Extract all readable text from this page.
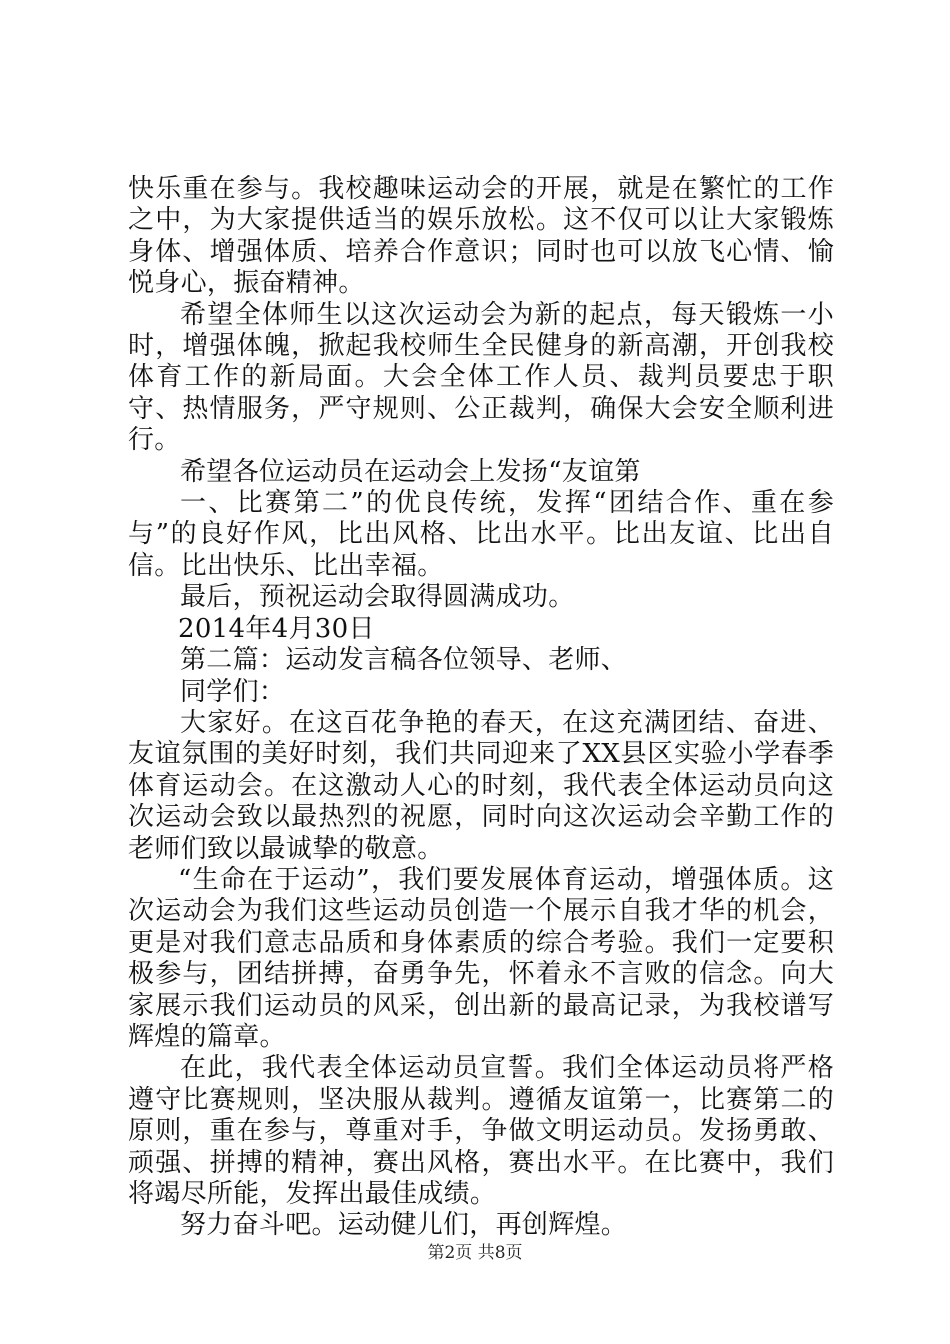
快乐重在参与。我校趣味运动会的开展，就是在繁忙的工作之中，为大家提供适当的娱乐放松。这不仅可以让大家锻炼身体、增强体质、培养合作意识；同时也可以放飞心情、愉悦身心，振奋精神。

希望全体师生以这次运动会为新的起点，每天锻炼一小时，增强体魄，掀起我校师生全民健身的新高潮，开创我校体育工作的新局面。大会全体工作人员、裁判员要忠于职守、热情服务，严守规则、公正裁判，确保大会安全顺利进行。

希望各位运动员在运动会上发扬“友谊第

一、比赛第二”的优良传统，发挥“团结合作、重在参与”的良好作风，比出风格、比出水平。比出友谊、比出自信。比出快乐、比出幸福。

最后，预祝运动会取得圆满成功。

2014年4月30日

第二篇：运动发言稿各位领导、老师、

同学们：

大家好。在这百花争艳的春天，在这充满团结、奋进、友谊氛围的美好时刻，我们共同迎来了XX县区实验小学春季体育运动会。在这激动人心的时刻，我代表全体运动员向这次运动会致以最热烈的祝愿，同时向这次运动会辛勤工作的老师们致以最诚挚的敬意。

“生命在于运动”，我们要发展体育运动，增强体质。这次运动会为我们这些运动员创造一个展示自我才华的机会，更是对我们意志品质和身体素质的综合考验。我们一定要积极参与，团结拼搏，奋勇争先，怀着永不言败的信念。向大家展示我们运动员的风采，创出新的最高记录，为我校谱写辉煌的篇章。

在此，我代表全体运动员宣誓。我们全体运动员将严格遵守比赛规则，坚决服从裁判。遵循友谊第一，比赛第二的原则，重在参与，尊重对手，争做文明运动员。发扬勇敢、顽强、拼搏的精神，赛出风格，赛出水平。在比赛中，我们将竭尽所能，发挥出最佳成绩。

努力奋斗吧。运动健儿们，再创辉煌。

第2页 共8页
